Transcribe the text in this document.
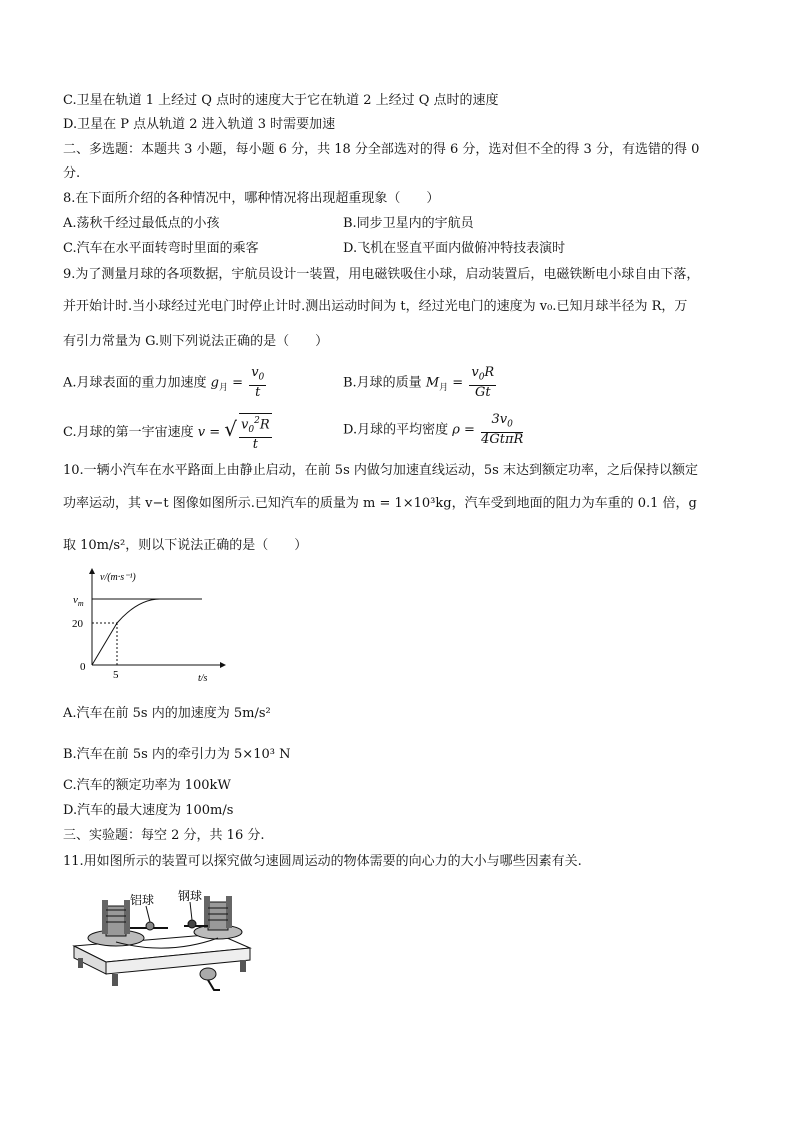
C.卫星在轨道 1 上经过 Q 点时的速度大于它在轨道 2 上经过 Q 点时的速度
D.卫星在 P 点从轨道 2 进入轨道 3 时需要加速
二、多选题：本题共 3 小题，每小题 6 分，共 18 分全部选对的得 6 分，选对但不全的得 3 分，有选错的得 0
分.
8.在下面所介绍的各种情况中，哪种情况将出现超重现象（　　）
A.荡秋千经过最低点的小孩	B.同步卫星内的宇航员
C.汽车在水平面转弯时里面的乘客	D.飞机在竖直平面内做俯冲特技表演时
9.为了测量月球的各项数据，宇航员设计一装置，用电磁铁吸住小球，启动装置后，电磁铁断电小球自由下落，
并开始计时.当小球经过光电门时停止计时.测出运动时间为 t，经过光电门的速度为 v₀.已知月球半径为 R，万
有引力常量为 G.则下列说法正确的是（　　）
A.月球表面的重力加速度 $g_月 = \frac{v_0}{t}$	B.月球的质量 $M_月 = \frac{v_0R}{Gt}$
C.月球的第一宇宙速度 v = √ $\frac{v_0^2R}{t}$	D.月球的平均密度 $\rho = \frac{3v_0}{\text{4GtπR}}$
10.一辆小汽车在水平路面上由静止启动，在前 5s 内做匀加速直线运动，5s 末达到额定功率，之后保持以额定
功率运动，其 v−t 图像如图所示.已知汽车的质量为 m = 1×10³kg，汽车受到地面的阻力为车重的 0.1 倍，g
取 10m/s²，则以下说法正确的是（　　）
v/(m·s⁻¹)
$v_m$
20
0
5	t/s
A.汽车在前 5s 内的加速度为 5m/s²
B.汽车在前 5s 内的牵引力为 5×10³ N
C.汽车的额定功率为 100kW
D.汽车的最大速度为 100m/s
三、实验题：每空 2 分，共 16 分.
11.用如图所示的装置可以探究做匀速圆周运动的物体需要的向心力的大小与哪些因素有关.
铝球 钢球
